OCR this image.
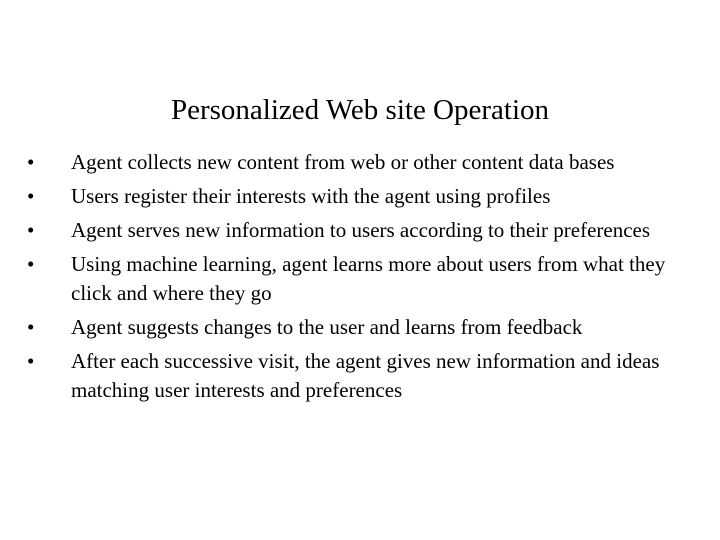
Personalized Web site Operation
• Agent collects new content from web or other content data bases
• Users register their interests with the agent using profiles
• Agent serves new information to users according to their preferences
• Using machine learning, agent learns more about users from what they click and where they go
• Agent suggests changes to the user and learns from feedback
• After each successive visit, the agent gives new information and ideas matching user interests and preferences
